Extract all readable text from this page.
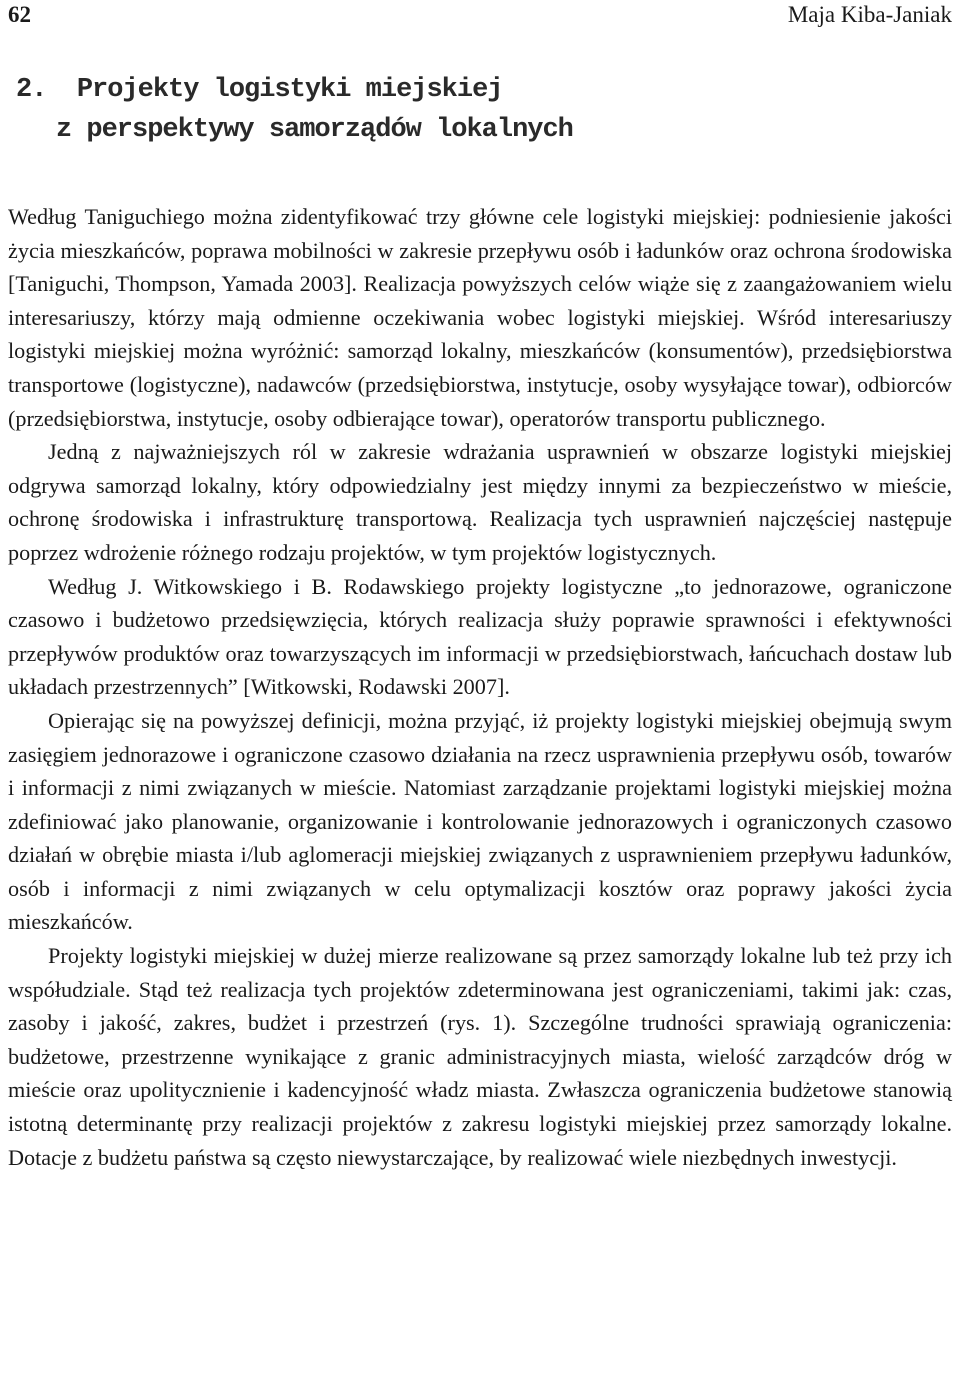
62	Maja Kiba-Janiak
2. Projekty logistyki miejskiej
z perspektywy samorządów lokalnych

Według Taniguchiego można zidentyfikować trzy główne cele logistyki miejskiej: podniesienie jakości życia mieszkańców, poprawa mobilności w zakresie przepływu osób i ładunków oraz ochrona środowiska [Taniguchi, Thompson, Yamada 2003]. Realizacja powyższych celów wiąże się z zaangażowaniem wielu interesariuszy, którzy mają odmienne oczekiwania wobec logistyki miejskiej. Wśród interesariuszy logistyki miejskiej można wyróżnić: samorząd lokalny, mieszkańców (konsumentów), przedsiębiorstwa transportowe (logistyczne), nadawców (przedsiębiorstwa, instytucje, osoby wysyłające towar), odbiorców (przedsiębiorstwa, instytucje, osoby odbierające towar), operatorów transportu publicznego.

Jedną z najważniejszych ról w zakresie wdrażania usprawnień w obszarze logistyki miejskiej odgrywa samorząd lokalny, który odpowiedzialny jest między innymi za bezpieczeństwo w mieście, ochronę środowiska i infrastrukturę transportową. Realizacja tych usprawnień najczęściej następuje poprzez wdrożenie różnego rodzaju projektów, w tym projektów logistycznych.

Według J. Witkowskiego i B. Rodawskiego projekty logistyczne „to jednorazowe, ograniczone czasowo i budżetowo przedsięwzięcia, których realizacja służy poprawie sprawności i efektywności przepływów produktów oraz towarzyszących im informacji w przedsiębiorstwach, łańcuchach dostaw lub układach przestrzennych” [Witkowski, Rodawski 2007].

Opierając się na powyższej definicji, można przyjąć, iż projekty logistyki miejskiej obejmują swym zasięgiem jednorazowe i ograniczone czasowo działania na rzecz usprawnienia przepływu osób, towarów i informacji z nimi związanych w mieście. Natomiast zarządzanie projektami logistyki miejskiej można zdefiniować jako planowanie, organizowanie i kontrolowanie jednorazowych i ograniczonych czasowo działań w obrębie miasta i/lub aglomeracji miejskiej związanych z usprawnieniem przepływu ładunków, osób i informacji z nimi związanych w celu optymalizacji kosztów oraz poprawy jakości życia mieszkańców.

Projekty logistyki miejskiej w dużej mierze realizowane są przez samorządy lokalne lub też przy ich współudziale. Stąd też realizacja tych projektów zdeterminowana jest ograniczeniami, takimi jak: czas, zasoby i jakość, zakres, budżet i przestrzeń (rys. 1). Szczególne trudności sprawiają ograniczenia: budżetowe, przestrzenne wynikające z granic administracyjnych miasta, wielość zarządców dróg w mieście oraz upolitycznienie i kadencyjność władz miasta. Zwłaszcza ograniczenia budżetowe stanowią istotną determinantę przy realizacji projektów z zakresu logistyki miejskiej przez samorządy lokalne. Dotacje z budżetu państwa są często niewystarczające, by realizować wiele niezbędnych inwestycji.
